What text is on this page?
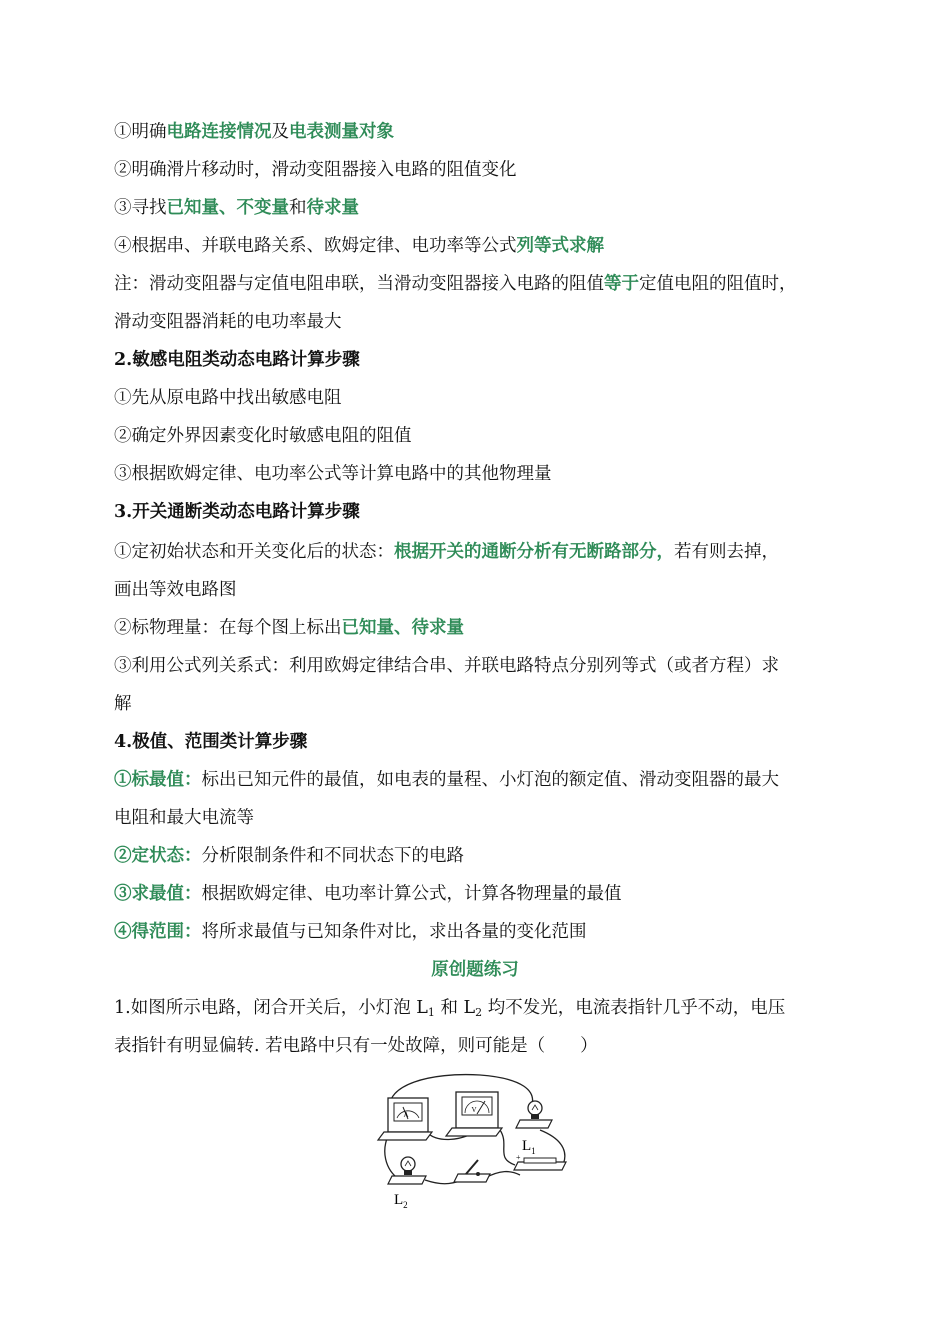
①明确电路连接情况及电表测量对象
②明确滑片移动时，滑动变阻器接入电路的阻值变化
③寻找已知量、不变量和待求量
④根据串、并联电路关系、欧姆定律、电功率等公式列等式求解
注：滑动变阻器与定值电阻串联，当滑动变阻器接入电路的阻值等于定值电阻的阻值时，
滑动变阻器消耗的电功率最大
2.敏感电阻类动态电路计算步骤
①先从原电路中找出敏感电阻
②确定外界因素变化时敏感电阻的阻值
③根据欧姆定律、电功率公式等计算电路中的其他物理量
3.开关通断类动态电路计算步骤
①定初始状态和开关变化后的状态：根据开关的通断分析有无断路部分，若有则去掉，
画出等效电路图
②标物理量：在每个图上标出已知量、待求量
③利用公式列关系式：利用欧姆定律结合串、并联电路特点分别列等式（或者方程）求
解
4.极值、范围类计算步骤
①标最值：标出已知元件的最值，如电表的量程、小灯泡的额定值、滑动变阻器的最大
电阻和最大电流等
②定状态：分析限制条件和不同状态下的电路
③求最值：根据欧姆定律、电功率计算公式，计算各物理量的最值
④得范围：将所求最值与已知条件对比，求出各量的变化范围
原创题练习
1.如图所示电路，闭合开关后，小灯泡 $L_1$ 和 $L_2$ 均不发光，电流表指针几乎不动，电压
表指针有明显偏转. 若电路中只有一处故障，则可能是（　　）
A
V
$L_1$
+
$L_2$
